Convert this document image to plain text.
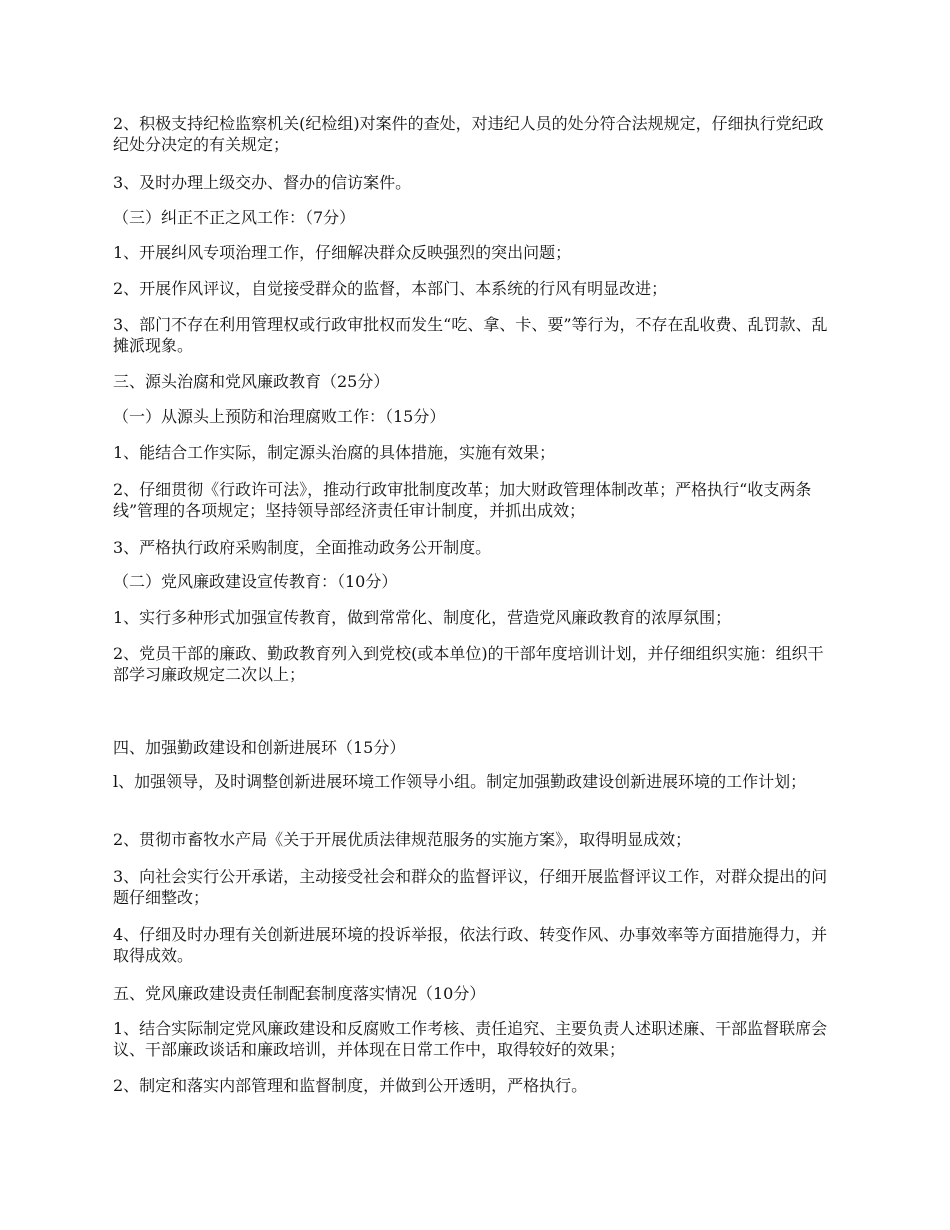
2、积极支持纪检监察机关(纪检组)对案件的查处，对违纪人员的处分符合法规规定，仔细执行党纪政纪处分决定的有关规定；

3、及时办理上级交办、督办的信访案件。

（三）纠正不正之风工作：（7分）

1、开展纠风专项治理工作，仔细解决群众反映强烈的突出问题；

2、开展作风评议，自觉接受群众的监督，本部门、本系统的行风有明显改进；

3、部门不存在利用管理权或行政审批权而发生“吃、拿、卡、要”等行为，不存在乱收费、乱罚款、乱摊派现象。

三、源头治腐和党风廉政教育（25分）

（一）从源头上预防和治理腐败工作：（15分）

1、能结合工作实际，制定源头治腐的具体措施，实施有效果；

2、仔细贯彻《行政许可法》，推动行政审批制度改革；加大财政管理体制改革；严格执行“收支两条线”管理的各项规定；坚持领导部经济责任审计制度，并抓出成效；

3、严格执行政府采购制度，全面推动政务公开制度。

（二）党风廉政建设宣传教育：（10分）

1、实行多种形式加强宣传教育，做到常常化、制度化，营造党风廉政教育的浓厚氛围；

2、党员干部的廉政、勤政教育列入到党校(或本单位)的干部年度培训计划，并仔细组织实施：组织干部学习廉政规定二次以上；

四、加强勤政建设和创新进展环（15分）

l、加强领导，及时调整创新进展环境工作领导小组。制定加强勤政建设创新进展环境的工作计划；

2、贯彻市畜牧水产局《关于开展优质法律规范服务的实施方案》，取得明显成效；

3、向社会实行公开承诺，主动接受社会和群众的监督评议，仔细开展监督评议工作，对群众提出的问题仔细整改；

4、仔细及时办理有关创新进展环境的投诉举报，依法行政、转变作风、办事效率等方面措施得力，并取得成效。

五、党风廉政建设责任制配套制度落实情况（10分）

1、结合实际制定党风廉政建设和反腐败工作考核、责任追究、主要负责人述职述廉、干部监督联席会议、干部廉政谈话和廉政培训，并体现在日常工作中，取得较好的效果；

2、制定和落实内部管理和监督制度，并做到公开透明，严格执行。
